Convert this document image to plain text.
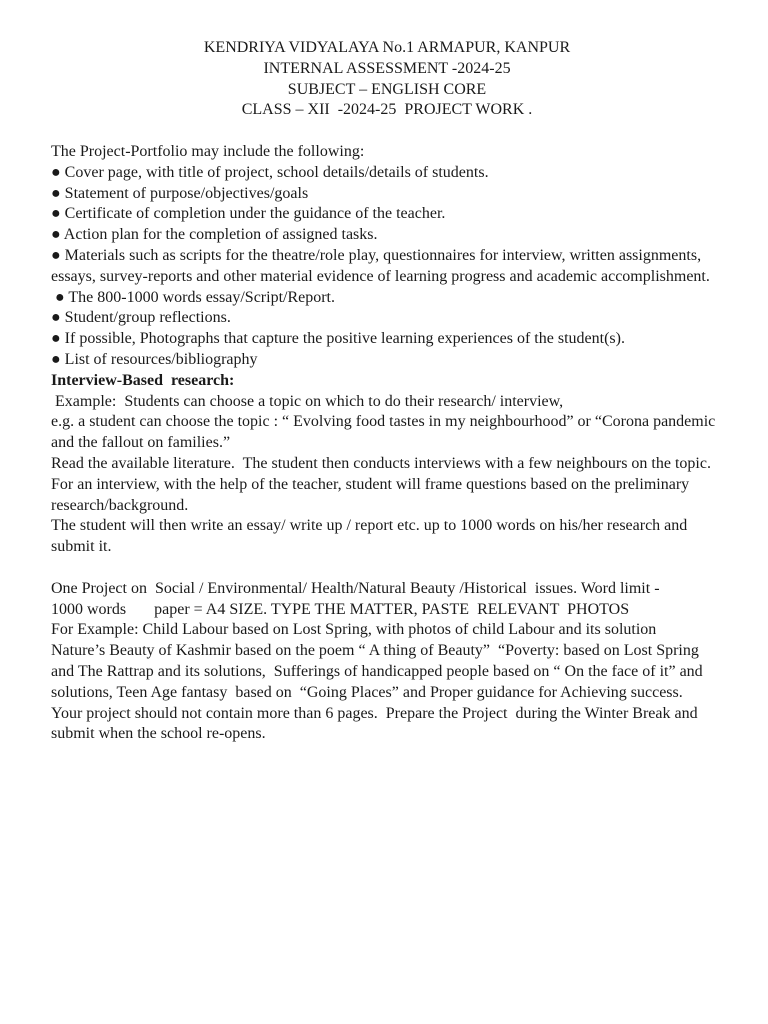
KENDRIYA VIDYALAYA No.1 ARMAPUR, KANPUR
INTERNAL ASSESSMENT -2024-25
SUBJECT – ENGLISH CORE
CLASS – XII  -2024-25  PROJECT WORK .
The Project-Portfolio may include the following:
● Cover page, with title of project, school details/details of students.
● Statement of purpose/objectives/goals
● Certificate of completion under the guidance of the teacher.
● Action plan for the completion of assigned tasks.
● Materials such as scripts for the theatre/role play, questionnaires for interview, written assignments, essays, survey-reports and other material evidence of learning progress and academic accomplishment.
● The 800-1000 words essay/Script/Report.
● Student/group reflections.
● If possible, Photographs that capture the positive learning experiences of the student(s).
● List of resources/bibliography
Interview-Based  research:
Example:  Students can choose a topic on which to do their research/ interview,
e.g. a student can choose the topic : “ Evolving food tastes in my neighbourhood” or “Corona pandemic and the fallout on families.”
Read the available literature.  The student then conducts interviews with a few neighbours on the topic. For an interview, with the help of the teacher, student will frame questions based on the preliminary research/background.
The student will then write an essay/ write up / report etc. up to 1000 words on his/her research and submit it.
One Project on  Social / Environmental/ Health/Natural Beauty /Historical  issues. Word limit -
1000 words       paper = A4 SIZE. TYPE THE MATTER, PASTE  RELEVANT  PHOTOS
For Example: Child Labour based on Lost Spring, with photos of child Labour and its solution
Nature’s Beauty of Kashmir based on the poem “ A thing of Beauty”  “Poverty: based on Lost Spring and The Rattrap and its solutions,  Sufferings of handicapped people based on “ On the face of it” and solutions, Teen Age fantasy  based on  “Going Places” and Proper guidance for Achieving success.
Your project should not contain more than 6 pages.  Prepare the Project  during the Winter Break and submit when the school re-opens.
